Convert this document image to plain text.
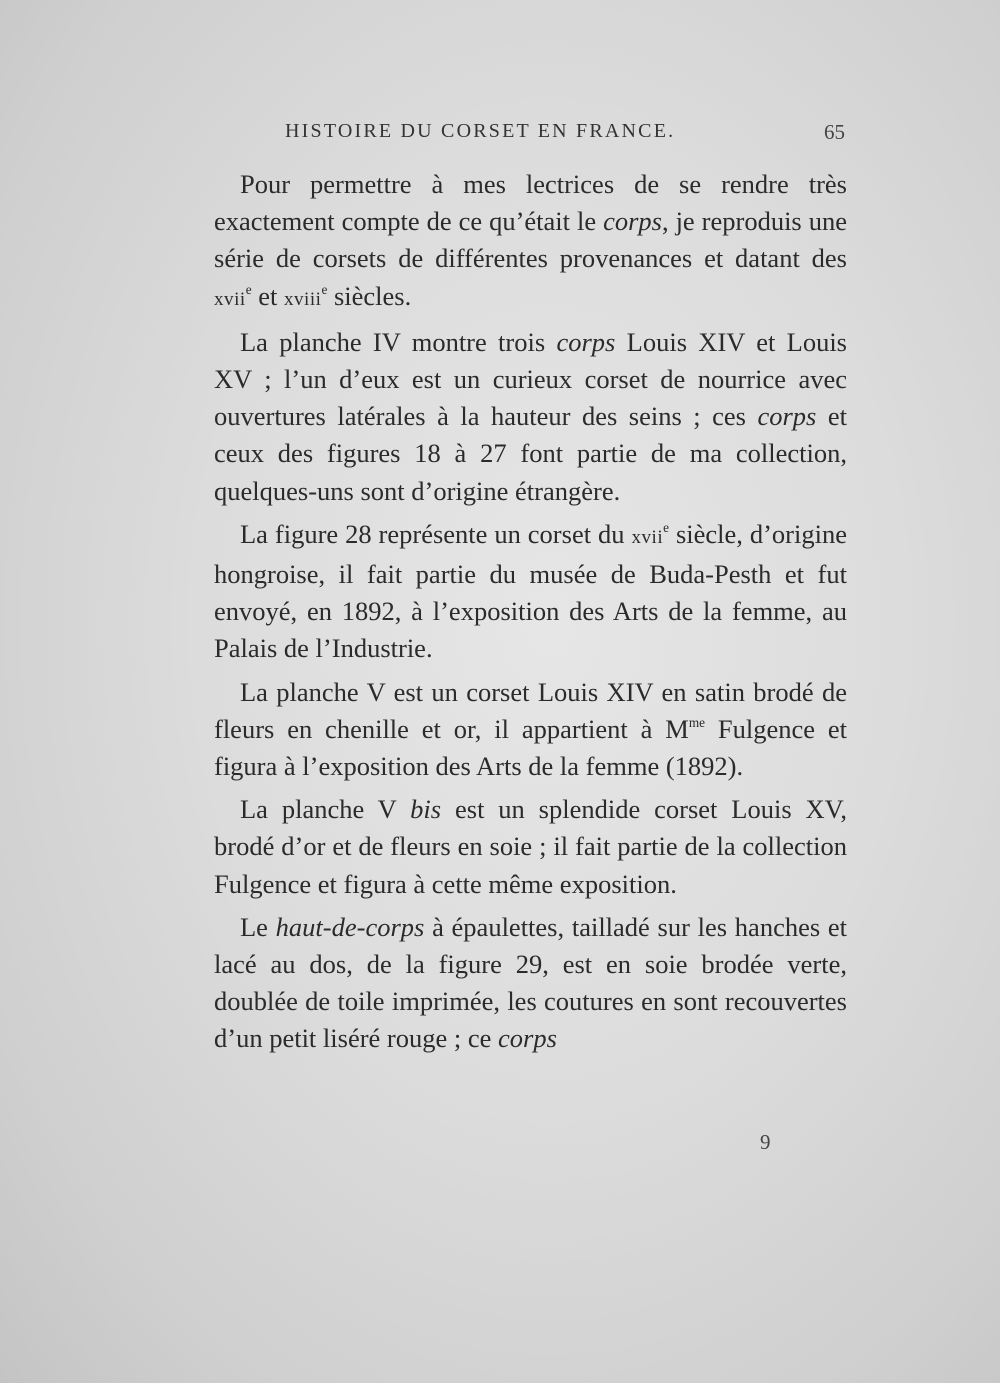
HISTOIRE DU CORSET EN FRANCE.	65

Pour permettre à mes lectrices de se rendre très exactement compte de ce qu’était le corps, je reproduis une série de corsets de différentes provenances et datant des xvii$^e$ et xviii$^e$ siècles.

La planche IV montre trois corps Louis XIV et Louis XV ; l’un d’eux est un curieux corset de nourrice avec ouvertures latérales à la hauteur des seins ; ces corps et ceux des figures 18 à 27 font partie de ma collection, quelques-uns sont d’origine étrangère.

La figure 28 représente un corset du xvii$^e$ siècle, d’origine hongroise, il fait partie du musée de Buda-Pesth et fut envoyé, en 1892, à l’exposition des Arts de la femme, au Palais de l’Industrie.

La planche V est un corset Louis XIV en satin brodé de fleurs en chenille et or, il appartient à $M^{me}$ Fulgence et figura à l’exposition des Arts de la femme (1892).

La planche V bis est un splendide corset Louis XV, brodé d’or et de fleurs en soie ; il fait partie de la collection Fulgence et figura à cette même exposition.

Le haut-de-corps à épaulettes, tailladé sur les hanches et lacé au dos, de la figure 29, est en soie brodée verte, doublée de toile imprimée, les coutures en sont recouvertes d’un petit liséré rouge ; ce corps

9
